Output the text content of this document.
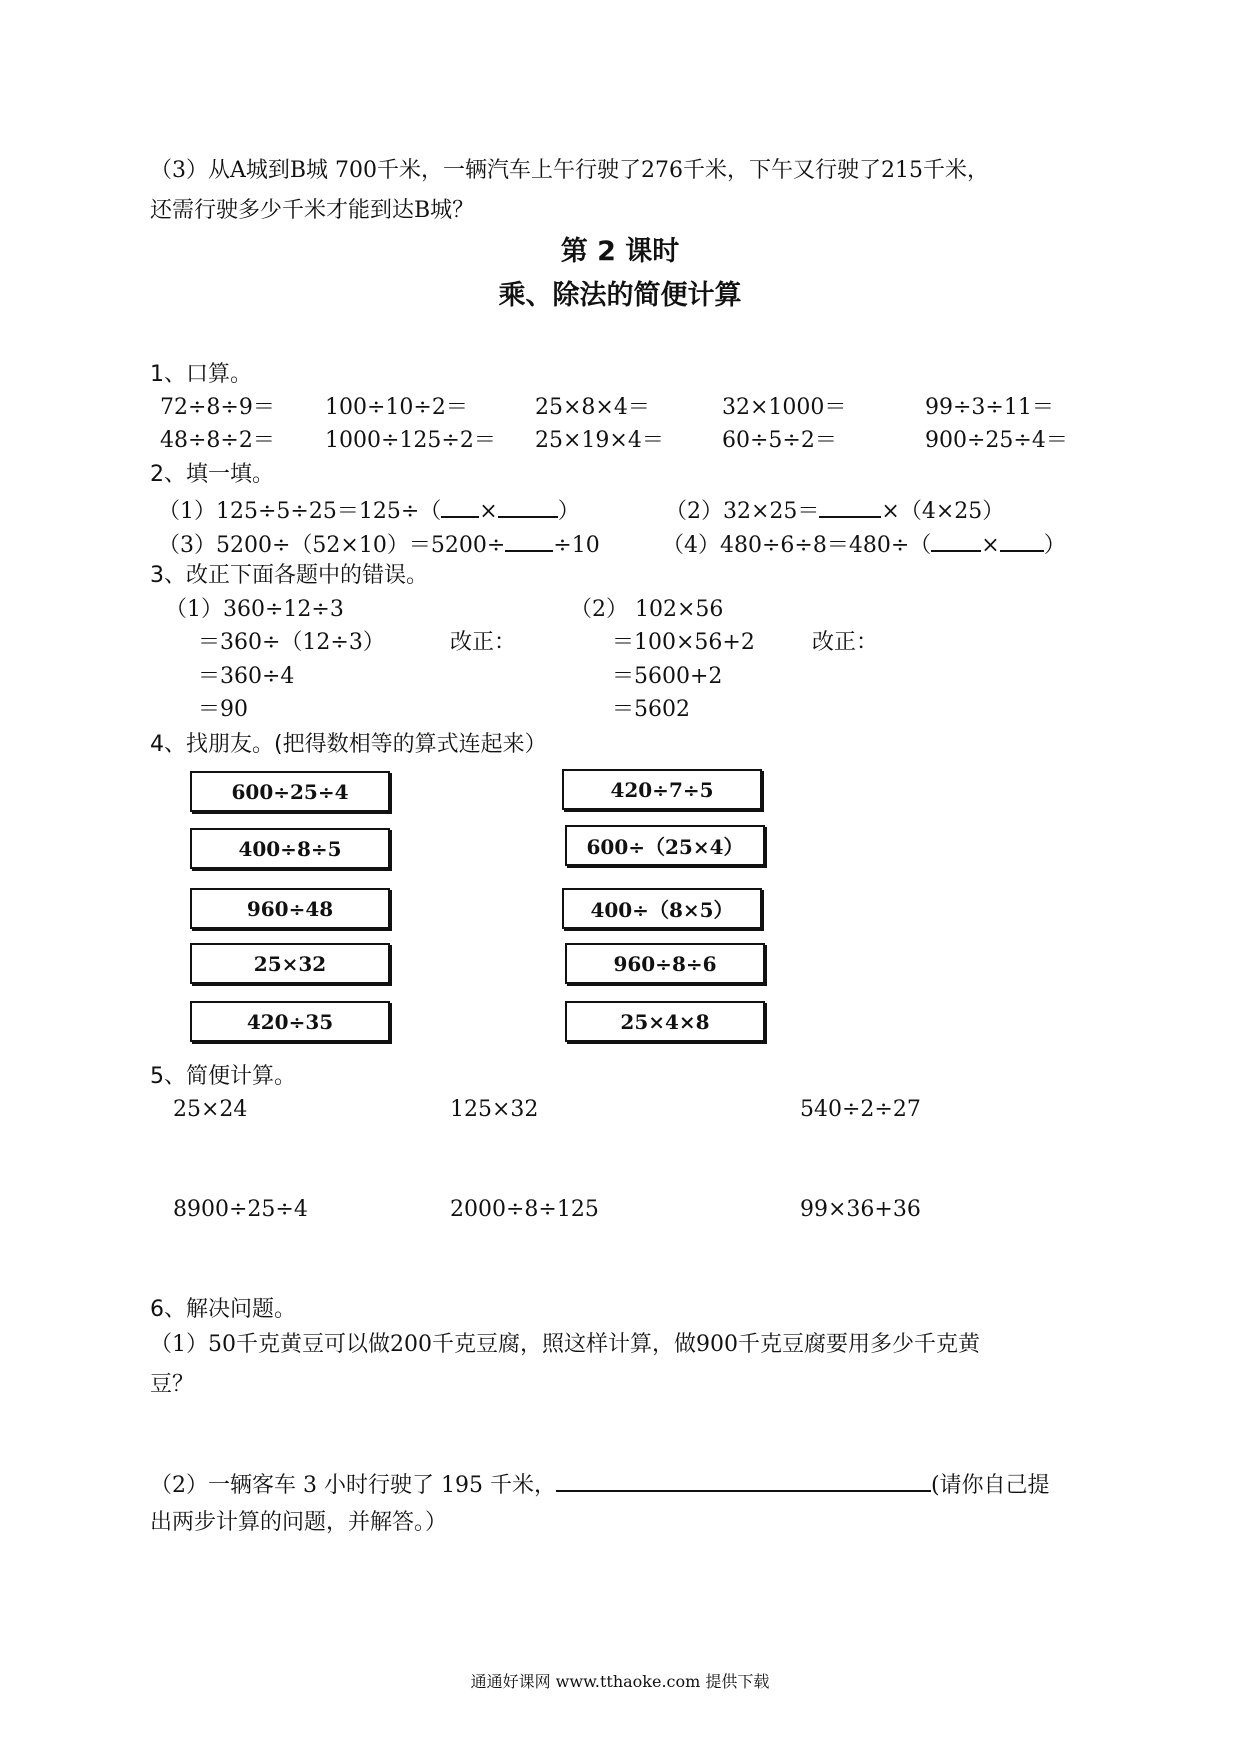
（3）从A城到B城 700千米，一辆汽车上午行驶了276千米，下午又行驶了215千米，
还需行驶多少千米才能到达B城？
第 2 课时
乘、除法的简便计算
1、口算。
72÷8÷9＝ 100÷10÷2＝	25×8×4＝	32×1000＝	99÷3÷11＝
48÷8÷2＝ 1000÷125÷2＝ 25×19×4＝	60÷5÷2＝	900÷25÷4＝
2、填一填。
（1）125÷5÷25＝125÷（ ×	）	（2）32×25＝	×（4×25）
（3）5200÷（52×10）＝5200÷ ÷10	（4）480÷6÷8＝480÷（ × ）
3、改正下面各题中的错误。
（1）360÷12÷3
＝360÷（12÷3）
＝360÷4
＝90
改正：
（2） 102×56
＝100×56+2
＝5600+2
＝5602
改正：
4、找朋友。(把得数相等的算式连起来）
600÷25÷4
400÷8÷5
960÷48
25×32
420÷35
420÷7÷5
600÷（25×4）
400÷（8×5）
960÷8÷6
25×4×8
5、简便计算。
25×24	125×32	540÷2÷27
8900÷25÷4	2000÷8÷125	99×36+36
6、解决问题。
（1）50千克黄豆可以做200千克豆腐，照这样计算，做900千克豆腐要用多少千克黄
豆？
（2）一辆客车 3 小时行驶了 195 千米，	(请你自己提
出两步计算的问题，并解答。）
通通好课网 www.tthaoke.com 提供下载
